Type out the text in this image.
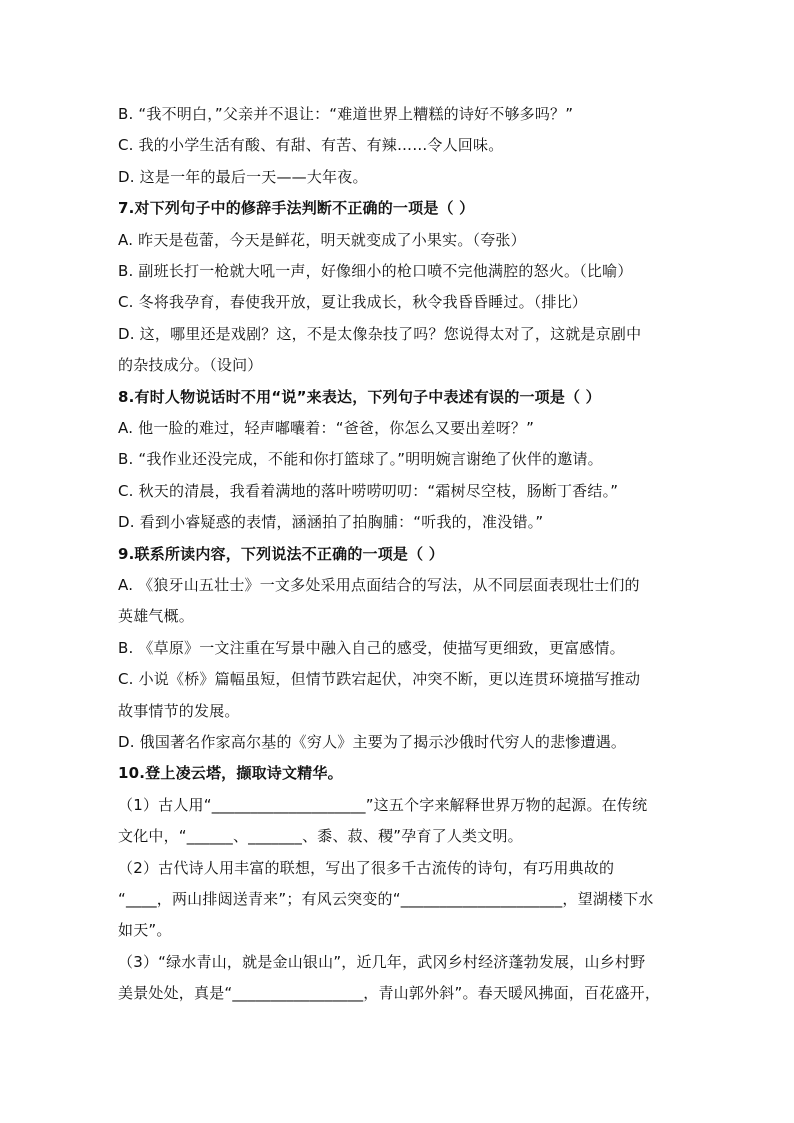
B. “我不明白，”父亲并不退让：“难道世界上糟糕的诗好不够多吗？”
C. 我的小学生活有酸、有甜、有苦、有辣……令人回味。
D. 这是一年的最后一天——大年夜。
7.对下列句子中的修辞手法判断不正确的一项是（ ）
A. 昨天是苞蕾，今天是鲜花，明天就变成了小果实。（夸张）
B. 副班长打一枪就大吼一声，好像细小的枪口喷不完他满腔的怒火。（比喻）
C. 冬将我孕育，春使我开放，夏让我成长，秋令我昏昏睡过。（排比）
D. 这，哪里还是戏剧？这，不是太像杂技了吗？您说得太对了，这就是京剧中
的杂技成分。（设问）
8.有时人物说话时不用“说”来表达，下列句子中表述有误的一项是（ ）
A. 他一脸的难过，轻声嘟囔着：“爸爸，你怎么又要出差呀？”
B. “我作业还没完成，不能和你打篮球了。”明明婉言谢绝了伙伴的邀请。
C. 秋天的清晨，我看着满地的落叶唠唠叨叨：“霜树尽空枝，肠断丁香结。”
D. 看到小睿疑惑的表情，涵涵拍了拍胸脯：“听我的，准没错。”
9.联系所读内容，下列说法不正确的一项是（ ）
A. 《狼牙山五壮士》一文多处采用点面结合的写法，从不同层面表现壮士们的
英雄气概。
B. 《草原》一文注重在写景中融入自己的感受，使描写更细致，更富感情。
C. 小说《桥》篇幅虽短，但情节跌宕起伏，冲突不断，更以连贯环境描写推动
故事情节的发展。
D. 俄国著名作家高尔基的《穷人》主要为了揭示沙俄时代穷人的悲惨遭遇。
10.登上凌云塔，撷取诗文精华。
（1）古人用“____________________”这五个字来解释世界万物的起源。在传统
文化中，“______、_______、黍、菽、稷”孕育了人类文明。
（2）古代诗人用丰富的联想，写出了很多千古流传的诗句，有巧用典故的
“____，两山排闼送青来”；有风云突变的“_____________________，望湖楼下水
如天”。
（3）“绿水青山，就是金山银山”，近几年，武冈乡村经济蓬勃发展，山乡村野
美景处处，真是“_________________，青山郭外斜”。春天暖风拂面，百花盛开，
